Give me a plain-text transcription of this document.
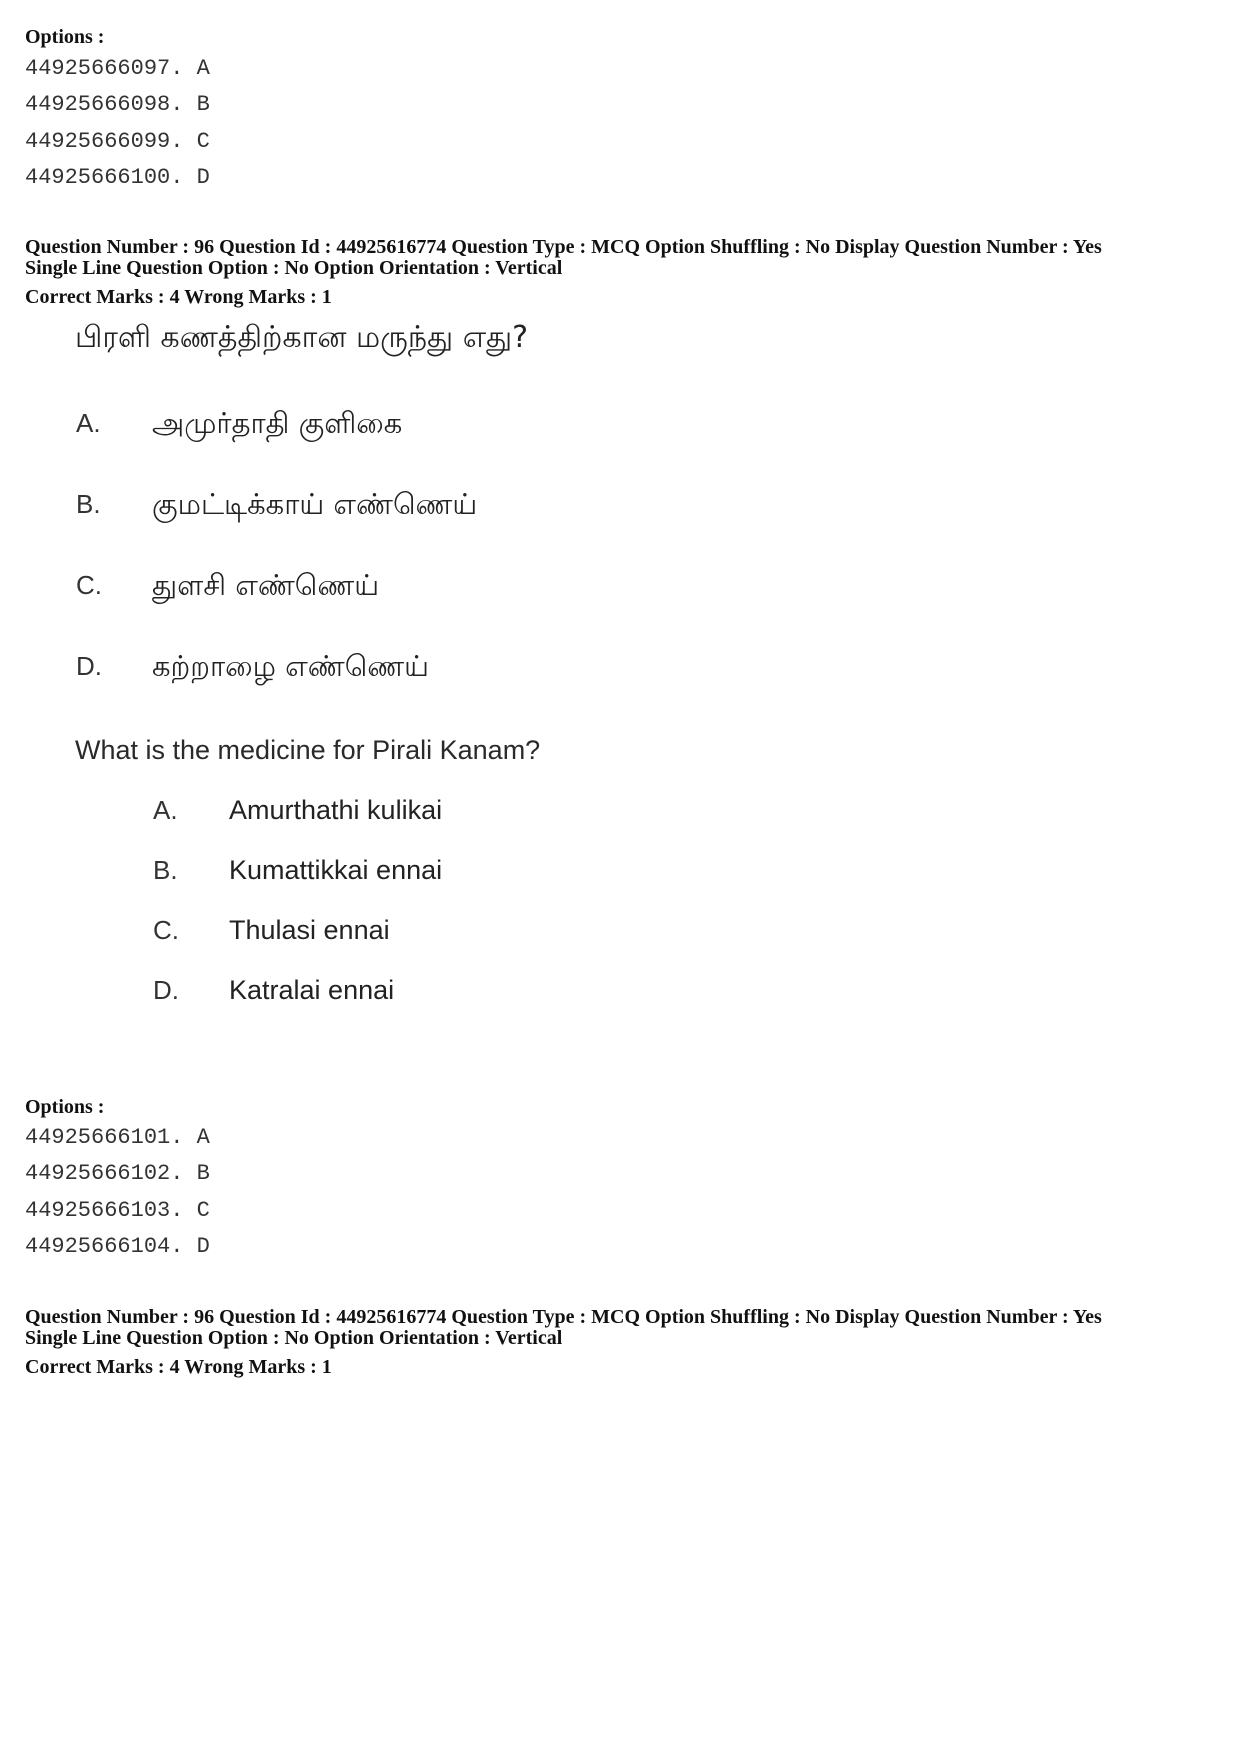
Options :

44925666097. A
44925666098. B
44925666099. C
44925666100. D

Question Number : 96 Question Id : 44925616774 Question Type : MCQ Option Shuffling : No Display Question Number : Yes

Single Line Question Option : No Option Orientation : Vertical

Correct Marks : 4 Wrong Marks : 1

பிரளி கணத்திற்கான மருந்து எது?

A. அமுர்தாதி குளிகை
B. குமட்டிக்காய் எண்ணெய்
C. துளசி எண்ணெய்
D. கற்றாழை எண்ணெய்

What is the medicine for Pirali Kanam?

A. Amurthathi kulikai
B. Kumattikkai ennai
C. Thulasi ennai
D. Katralai ennai

Options :

44925666101. A
44925666102. B
44925666103. C
44925666104. D

Question Number : 96 Question Id : 44925616774 Question Type : MCQ Option Shuffling : No Display Question Number : Yes

Single Line Question Option : No Option Orientation : Vertical

Correct Marks : 4 Wrong Marks : 1
